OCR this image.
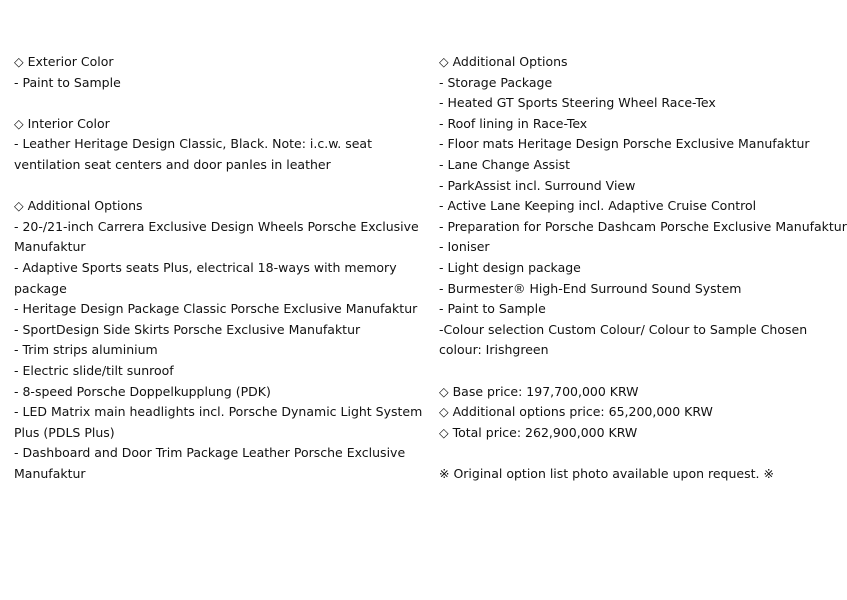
◇ Exterior Color
- Paint to Sample
◇ Interior Color
- Leather Heritage Design Classic, Black. Note: i.c.w. seat ventilation seat centers and door panles in leather
◇ Additional Options
- 20-/21-inch Carrera Exclusive Design Wheels Porsche Exclusive Manufaktur
- Adaptive Sports seats Plus, electrical 18-ways with memory package
- Heritage Design Package Classic Porsche Exclusive Manufaktur
- SportDesign Side Skirts Porsche Exclusive Manufaktur
- Trim strips aluminium
- Electric slide/tilt sunroof
- 8-speed Porsche Doppelkupplung (PDK)
- LED Matrix main headlights incl. Porsche Dynamic Light System Plus (PDLS Plus)
- Dashboard and Door Trim Package Leather Porsche Exclusive Manufaktur
◇ Additional Options
- Storage Package
- Heated GT Sports Steering Wheel Race-Tex
- Roof lining in Race-Tex
- Floor mats Heritage Design Porsche Exclusive Manufaktur
- Lane Change Assist
- ParkAssist incl. Surround View
- Active Lane Keeping incl. Adaptive Cruise Control
- Preparation for Porsche Dashcam Porsche Exclusive Manufaktur
- Ioniser
- Light design package
- Burmester® High-End Surround Sound System
- Paint to Sample
-Colour selection Custom Colour/ Colour to Sample Chosen
colour: Irishgreen
◇ Base price: 197,700,000 KRW
◇ Additional options price: 65,200,000 KRW
◇ Total price: 262,900,000 KRW
※ Original option list photo available upon request. ※
